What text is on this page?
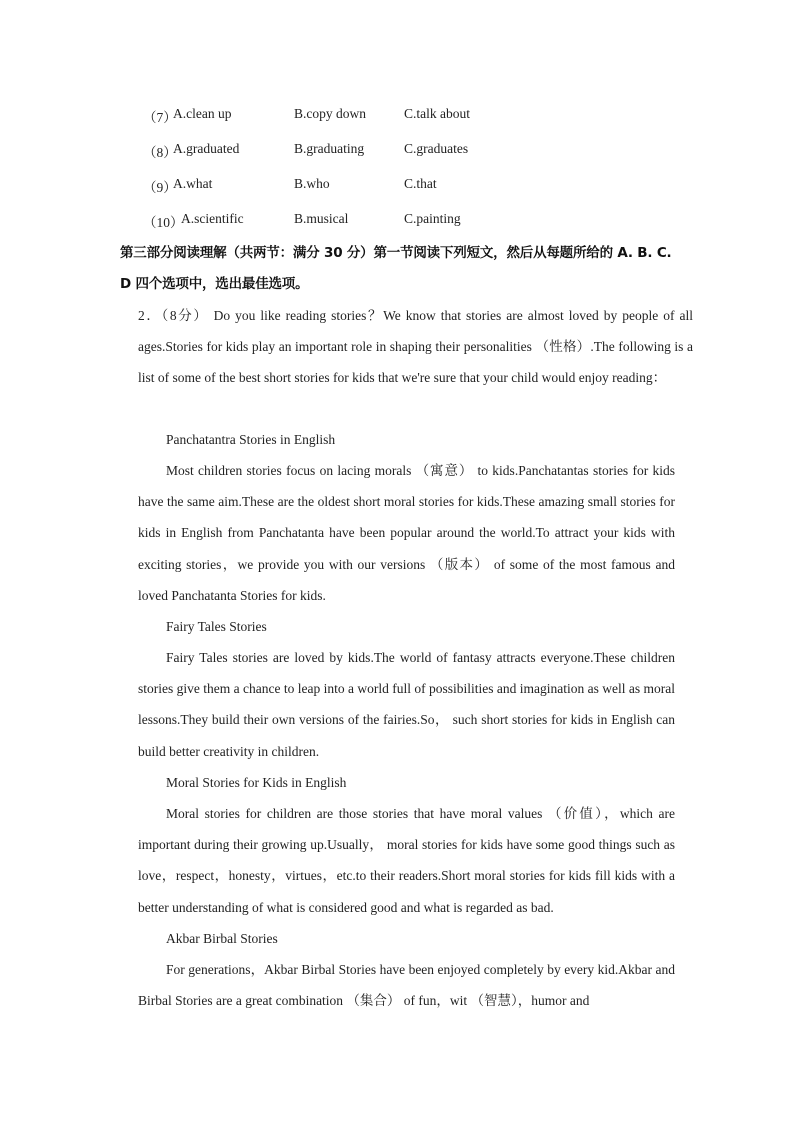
（7）
A.clean up	B.copy down	C.talk about
（8）
A.graduated	B.graduating	C.graduates
（9）
A.what	B.who	C.that
（10）
A.scientific	B.musical	C.painting
第三部分阅读理解（共两节：满分 30 分）第一节阅读下列短文，然后从每题所给的 A. B. C. D 四个选项中，选出最佳选项。
2．（8分） Do you like reading stories？We know that stories are almost loved by people of all ages.Stories for kids play an important role in shaping their personalities （性格）.The following is a list of some of the best short stories for kids that we're sure that your child would enjoy reading：
Panchatantra Stories in English
Most children stories focus on lacing morals （寓意） to kids.Panchatantas stories for kids have the same aim.These are the oldest short moral stories for kids.These amazing small stories for kids in English from Panchatanta have been popular around the world.To attract your kids with exciting stories，we provide you with our versions （版本） of some of the most famous and loved Panchatanta Stories for kids.
Fairy Tales Stories
Fairy Tales stories are loved by kids.The world of fantasy attracts everyone.These children stories give them a chance to leap into a world full of possibilities and imagination as well as moral lessons.They build their own versions of the fairies.So， such short stories for kids in English can build better creativity in children.
Moral Stories for Kids in English
Moral stories for children are those stories that have moral values （价值），which are important during their growing up.Usually， moral stories for kids have some good things such as love，respect，honesty，virtues，etc.to their readers.Short moral stories for kids fill kids with a better understanding of what is considered good and what is regarded as bad.
Akbar Birbal Stories
For generations，Akbar Birbal Stories have been enjoyed completely by every kid.Akbar and Birbal Stories are a great combination （集合） of fun，wit （智慧），humor and
